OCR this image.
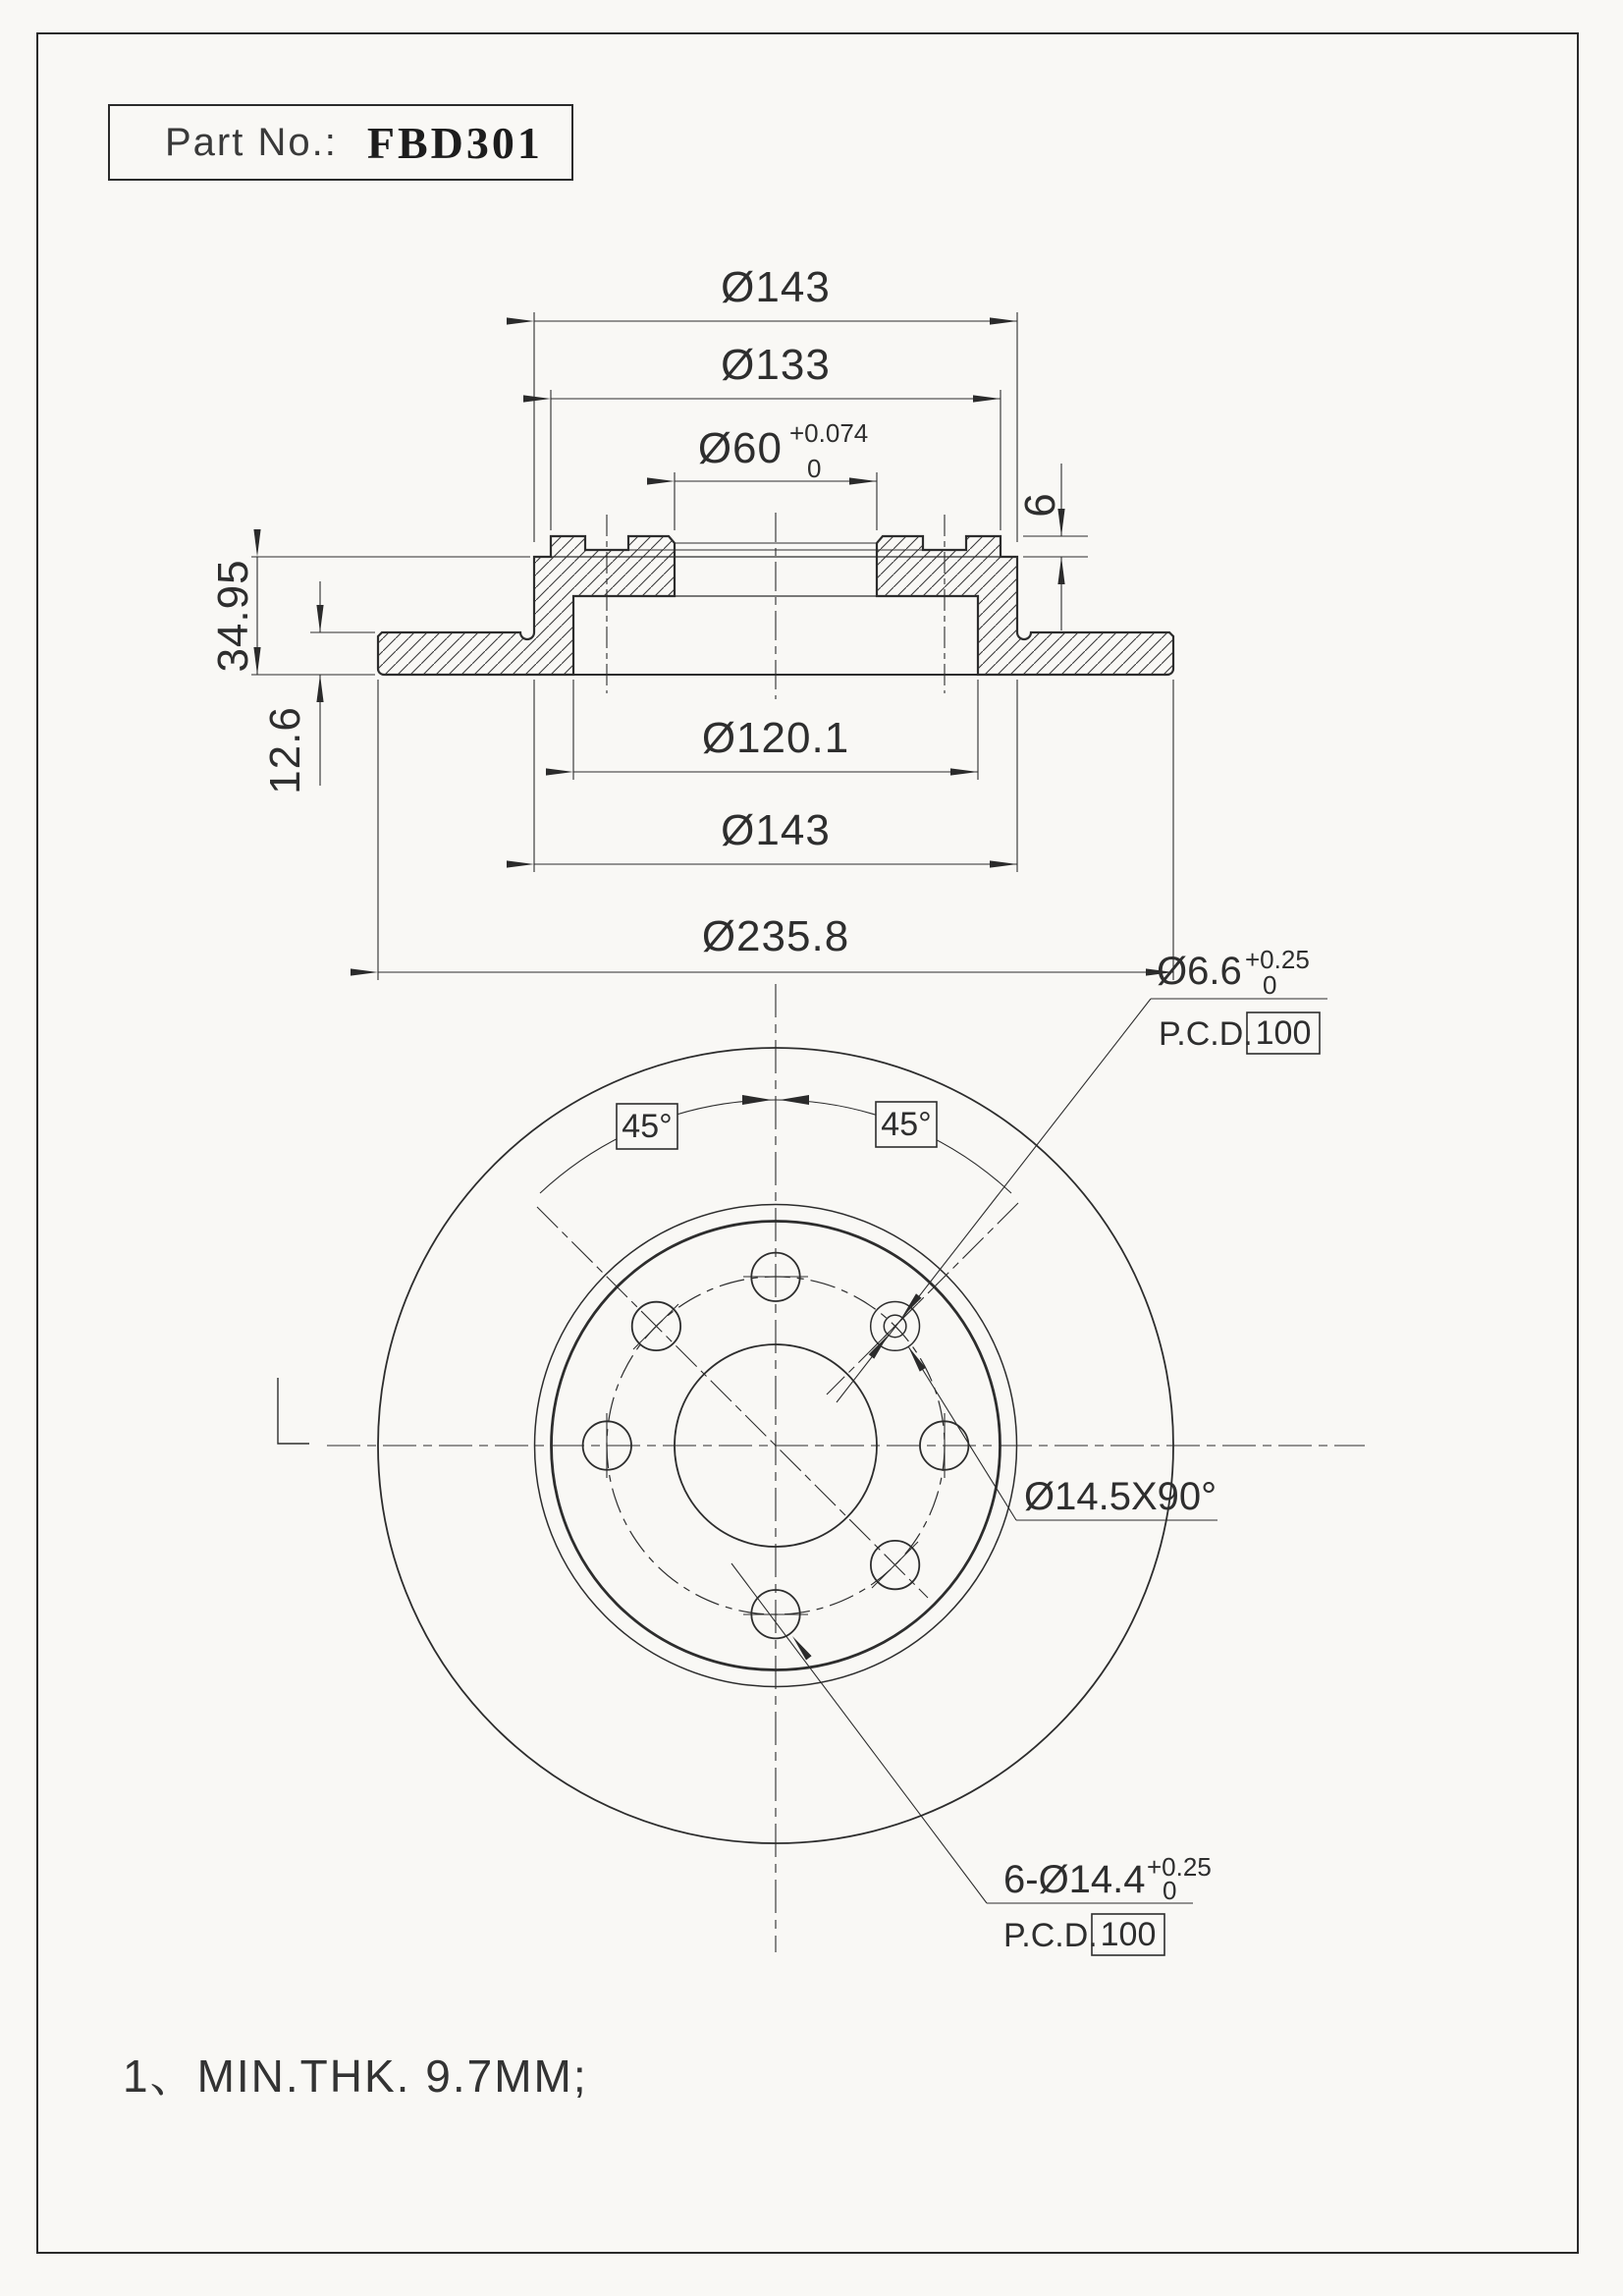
Part No.: FBD301
Ø143
Ø133
Ø60 +0.074
0
6
34.95
12.6	Ø120.1
Ø143
Ø235.8
45°	45°
Ø6.6 +0.25
0
P.C.D. 100
Ø14.5X90°
6-Ø14.4 +0.25
0
P.C.D. 100
1、MIN.THK. 9.7MM;
